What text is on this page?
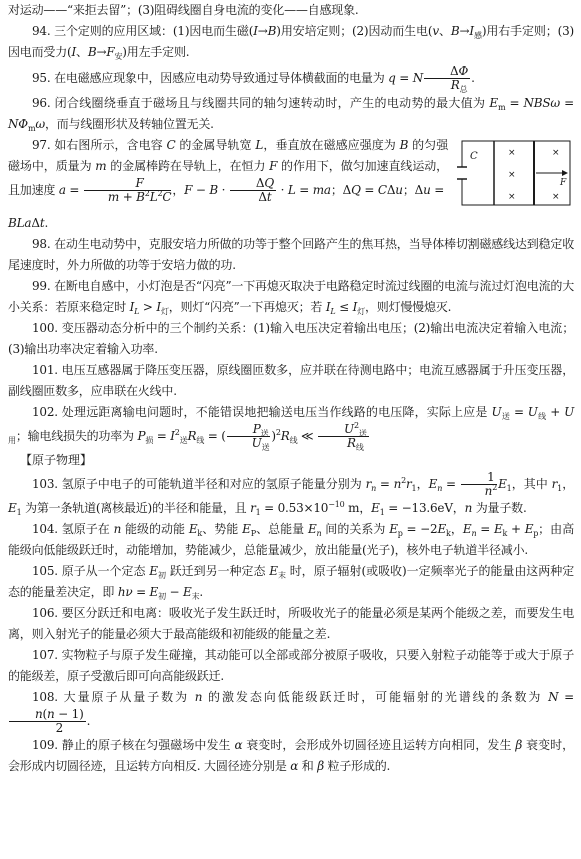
对运动——“来拒去留”；(3)阻碍线圈自身电流的变化——自感现象.

94. 三个定则的应用区域：(1)因电而生磁(I→B)用安培定则；(2)因动而生电(v、$B\to I_感$)用右手定则；(3)因电而受力(I、$B\to F_安$)用左手定则.

95. 在电磁感应现象中，因感应电动势导致通过导体横截面的电量为 q = N $\frac{\Delta\Phi}{R_总}$ .

96. 闭合线圈绕垂直于磁场且与线圈共同的轴匀速转动时，产生的电动势的最大值为 $E_m = NBS\omega = N\Phi_m\omega$，而与线圈形状及转轴位置无关.

C	×	×
×
×	×
F

97. 如右图所示，含电容 C 的金属导轨宽 L，垂直放在磁感应强度为 B 的匀强磁场中，质量为 m 的金属棒跨在导轨上，在恒力 F 的作用下，做匀加速直线运动，且加速度 $a = \frac{F}{m + B^2L^2C}$ ，$F - B \cdot \frac{\Delta Q}{\Delta t} \cdot L$ = ma；ΔQ = CΔu；Δu =

BLaΔt.

98. 在动生电动势中，克服安培力所做的功等于整个回路产生的焦耳热，当导体棒切割磁感线达到稳定收尾速度时，外力所做的功等于安培力做的功.

99. 在断电自感中，小灯泡是否“闪亮”一下再熄灭取决于电路稳定时流过线圈的电流与流过灯泡电流的大小关系：若原来稳定时 $I_L > I_灯$，则灯“闪亮”一下再熄灭；若 $I_L \le I_灯$，则灯慢慢熄灭.

100. 变压器动态分析中的三个制约关系：(1)输入电压决定着输出电压；(2)输出电流决定着输入电流；(3)输出功率决定着输入功率.

101. 电压互感器属于降压变压器，原线圈匝数多，应并联在待测电路中；电流互感器属于升压变压器，副线圈匝数多，应串联在火线中.

102. 处理远距离输电问题时，不能错误地把输送电压当作线路的电压降，实际上应是 $U_送 = U_线 + U_用$；输电线损失的功率为 $P_损 = I^2_送R_线$ = ( $\frac{P_送}{U_送} )^2R_线$ ≪ $\frac{U^2_送}{R_线}$

【原子物理】

103. 氢原子中电子的可能轨道半径和对应的氢原子能量分别为 $r_n = n^2r_1$，$E_n = \frac{1}{n^2} E_1$，其中 $r_1$，$E_1$ 为第一条轨道(离核最近)的半径和能量，且 $r_1 = 0.53\times 10^{-10}$ m，$E_1 = -13.6eV$，n 为量子数.

104. 氢原子在 n 能级的动能 $E_k$、势能 $E_P$、总能量 $E_n$ 间的关系为 $E_p = -2E_k$，$E_n = E_k + E_p$；由高能级向低能级跃迁时，动能增加，势能减少，总能量减少，放出能量(光子)，核外电子轨道半径减小.

105. 原子从一个定态 $E_初$ 跃迁到另一种定态 $E_末$ 时，原子辐射(或吸收)一定频率光子的能量由这两种定态的能量差决定，即 $h\nu = E_初 - E_末$.

106. 要区分跃迁和电离：吸收光子发生跃迁时，所吸收光子的能量必须是某两个能级之差，而要发生电离，则入射光子的能量必须大于最高能级和初能级的能量之差.

107. 实物粒子与原子发生碰撞，其动能可以全部或部分被原子吸收，只要入射粒子动能等于或大于原子的能级差，原子受激后即可向高能级跃迁.

108. 大量原子从量子数为 n 的激发态向低能级跃迁时，可能辐射的光谱线的条数为 N =
$\frac{n(n - 1)}{2}$ .

109. 静止的原子核在匀强磁场中发生 α 衰变时，会形成外切圆径迹且运转方向相同，发生 β 衰变时，会形成内切圆径迹，且运转方向相反. 大圆径迹分别是 α 和 β 粒子形成的.
